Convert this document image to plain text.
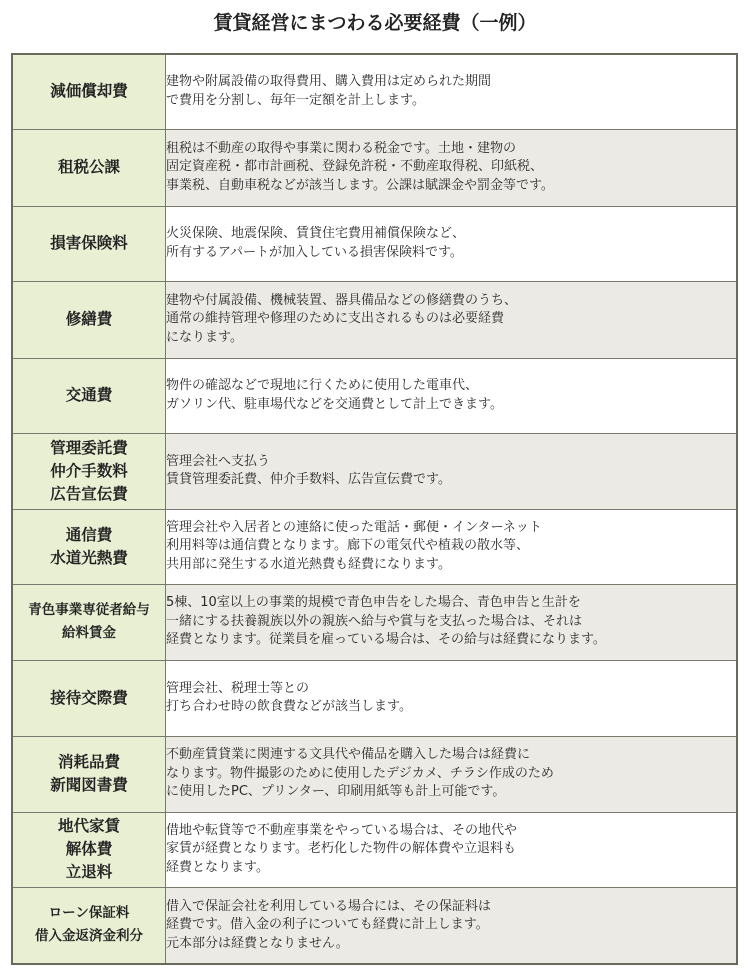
賃貸経営にまつわる必要経費（一例）
減価償却費	建物や附属設備の取得費用、購入費用は定められた期間
で費用を分割し、毎年一定額を計上します。

租税公課	租税は不動産の取得や事業に関わる税金です。土地・建物の
固定資産税・都市計画税、登録免許税・不動産取得税、印紙税、
事業税、自動車税などが該当します。公課は賦課金や罰金等です。

損害保険料	火災保険、地震保険、賃貸住宅費用補償保険など、
所有するアパートが加入している損害保険料です。

修繕費	建物や付属設備、機械装置、器具備品などの修繕費のうち、
通常の維持管理や修理のために支出されるものは必要経費
になります。

交通費	物件の確認などで現地に行くために使用した電車代、
ガソリン代、駐車場代などを交通費として計上できます。

管理委託費
仲介手数料
広告宣伝費	管理会社へ支払う
賃貸管理委託費、仲介手数料、広告宣伝費です。

通信費
水道光熱費	管理会社や入居者との連絡に使った電話・郵便・インターネット
利用料等は通信費となります。廊下の電気代や植栽の散水等、
共用部に発生する水道光熱費も経費になります。

青色事業専従者給与
給料賃金	5棟、10室以上の事業的規模で青色申告をした場合、青色申告と生計を
一緒にする扶養親族以外の親族へ給与や賞与を支払った場合は、それは
経費となります。従業員を雇っている場合は、その給与は経費になります。

接待交際費	管理会社、税理士等との
打ち合わせ時の飲食費などが該当します。

消耗品費
新聞図書費	不動産賃貸業に関連する文具代や備品を購入した場合は経費に
なります。物件撮影のために使用したデジカメ、チラシ作成のため
に使用したPC、プリンター、印刷用紙等も計上可能です。

地代家賃
解体費
立退料	借地や転貸等で不動産事業をやっている場合は、その地代や
家賃が経費となります。老朽化した物件の解体費や立退料も
経費となります。

ローン保証料
借入金返済金利分	借入で保証会社を利用している場合には、その保証料は
経費です。借入金の利子についても経費に計上します。
元本部分は経費となりません。
